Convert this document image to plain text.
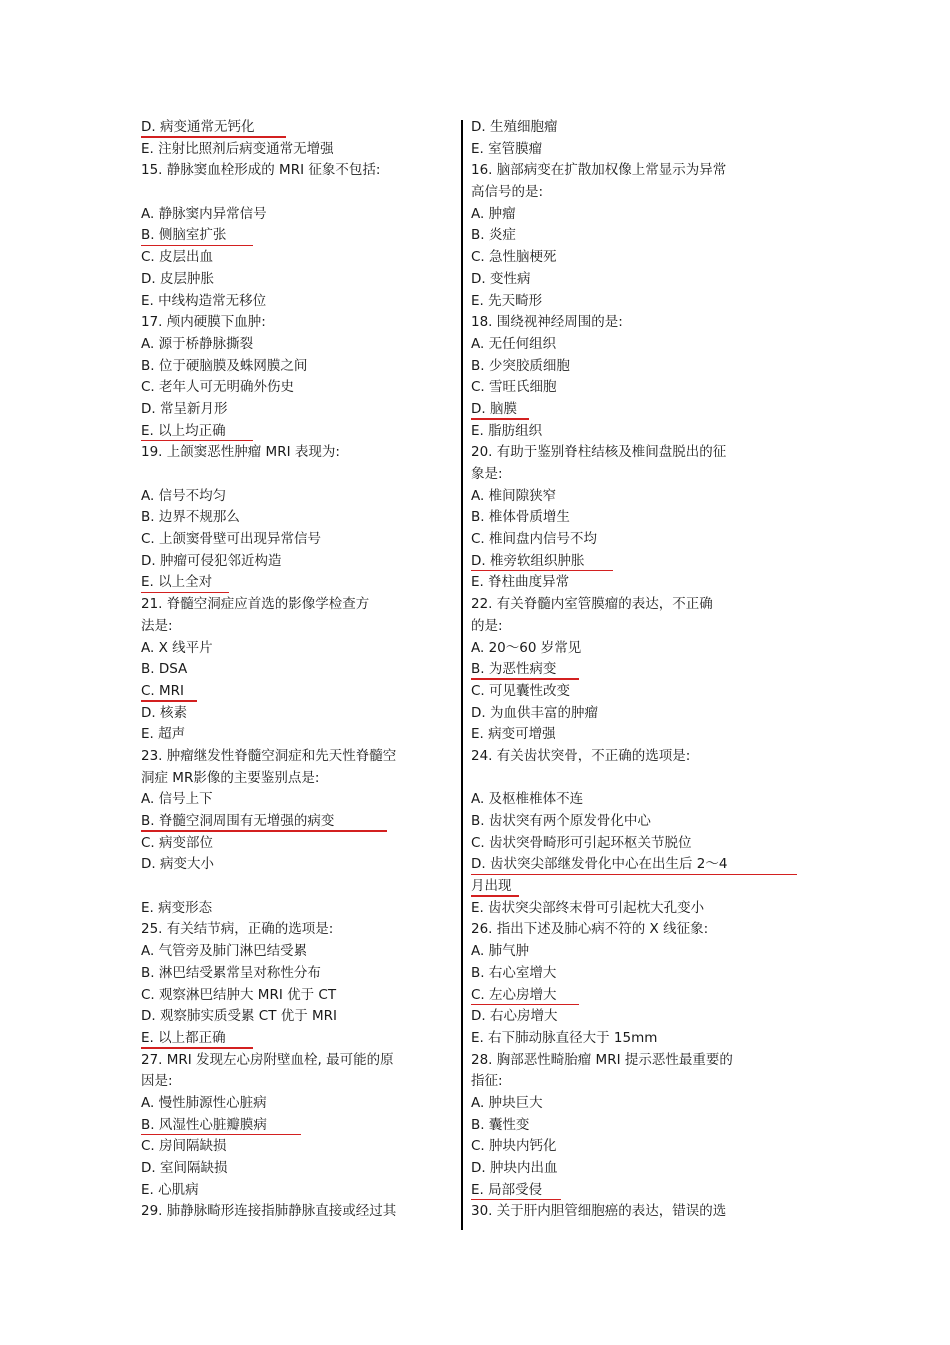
D. 病变通常无钙化
E. 注射比照剂后病变通常无增强
15. 静脉窦血栓形成的 MRI 征象不包括:
A. 静脉窦内异常信号
B. 侧脑室扩张
C. 皮层出血
D. 皮层肿胀
E. 中线构造常无移位
17. 颅内硬膜下血肿:
A. 源于桥静脉撕裂
B. 位于硬脑膜及蛛网膜之间
C. 老年人可无明确外伤史
D. 常呈新月形
E. 以上均正确
19. 上颌窦恶性肿瘤 MRI 表现为:
A. 信号不均匀
B. 边界不规那么
C. 上颌窦骨壁可出现异常信号
D. 肿瘤可侵犯邻近构造
E. 以上全对
21. 脊髓空洞症应首选的影像学检查方
法是:
A. X 线平片
B. DSA
C. MRI
D. 核素
E. 超声
23. 肿瘤继发性脊髓空洞症和先天性脊髓空
洞症 MR影像的主要鉴别点是:
A. 信号上下
B. 脊髓空洞周围有无增强的病变
C. 病变部位
D. 病变大小
E. 病变形态
25. 有关结节病，正确的选项是:
A. 气管旁及肺门淋巴结受累
B. 淋巴结受累常呈对称性分布
C. 观察淋巴结肿大 MRI 优于 CT
D. 观察肺实质受累 CT 优于 MRI
E. 以上都正确
27. MRI 发现左心房附壁血栓, 最可能的原
因是:
A. 慢性肺源性心脏病
B. 风湿性心脏瓣膜病
C. 房间隔缺损
D. 室间隔缺损
E. 心肌病
29. 肺静脉畸形连接指肺静脉直接或经过其
D. 生殖细胞瘤
E. 室管膜瘤
16. 脑部病变在扩散加权像上常显示为异常
高信号的是:
A. 肿瘤
B. 炎症
C. 急性脑梗死
D. 变性病
E. 先天畸形
18. 围绕视神经周围的是:
A. 无任何组织
B. 少突胶质细胞
C. 雪旺氏细胞
D. 脑膜
E. 脂肪组织
20. 有助于鉴别脊柱结核及椎间盘脱出的征
象是:
A. 椎间隙狭窄
B. 椎体骨质增生
C. 椎间盘内信号不均
D. 椎旁软组织肿胀
E. 脊柱曲度异常
22. 有关脊髓内室管膜瘤的表达，不正确
的是:
A. 20～60 岁常见
B. 为恶性病变
C. 可见囊性改变
D. 为血供丰富的肿瘤
E. 病变可增强
24. 有关齿状突骨，不正确的选项是:
A. 及枢椎椎体不连
B. 齿状突有两个原发骨化中心
C. 齿状突骨畸形可引起环枢关节脱位
D. 齿状突尖部继发骨化中心在出生后 2～4
月出现
E. 齿状突尖部终末骨可引起枕大孔变小
26. 指出下述及肺心病不符的 X 线征象:
A. 肺气肿
B. 右心室增大
C. 左心房增大
D. 右心房增大
E. 右下肺动脉直径大于 15mm
28. 胸部恶性畸胎瘤 MRI 提示恶性最重要的
指征:
A. 肿块巨大
B. 囊性变
C. 肿块内钙化
D. 肿块内出血
E. 局部受侵
30. 关于肝内胆管细胞癌的表达，错误的选
